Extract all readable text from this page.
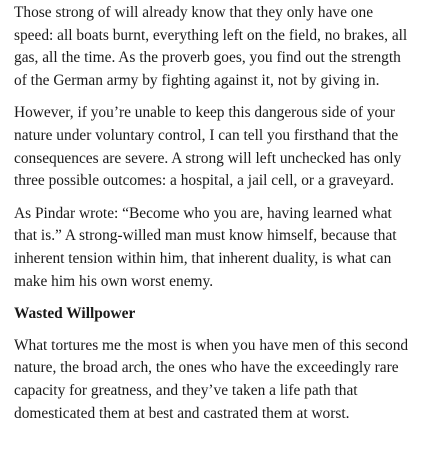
Those strong of will already know that they only have one speed: all boats burnt, everything left on the field, no brakes, all gas, all the time. As the proverb goes, you find out the strength of the German army by fighting against it, not by giving in.

However, if you’re unable to keep this dangerous side of your nature under voluntary control, I can tell you firsthand that the consequences are severe. A strong will left unchecked has only three possible outcomes: a hospital, a jail cell, or a graveyard.

As Pindar wrote: “Become who you are, having learned what that is.” A strong-willed man must know himself, because that inherent tension within him, that inherent duality, is what can make him his own worst enemy.

Wasted Willpower

What tortures me the most is when you have men of this second nature, the broad arch, the ones who have the exceedingly rare capacity for greatness, and they’ve taken a life path that domesticated them at best and castrated them at worst.
